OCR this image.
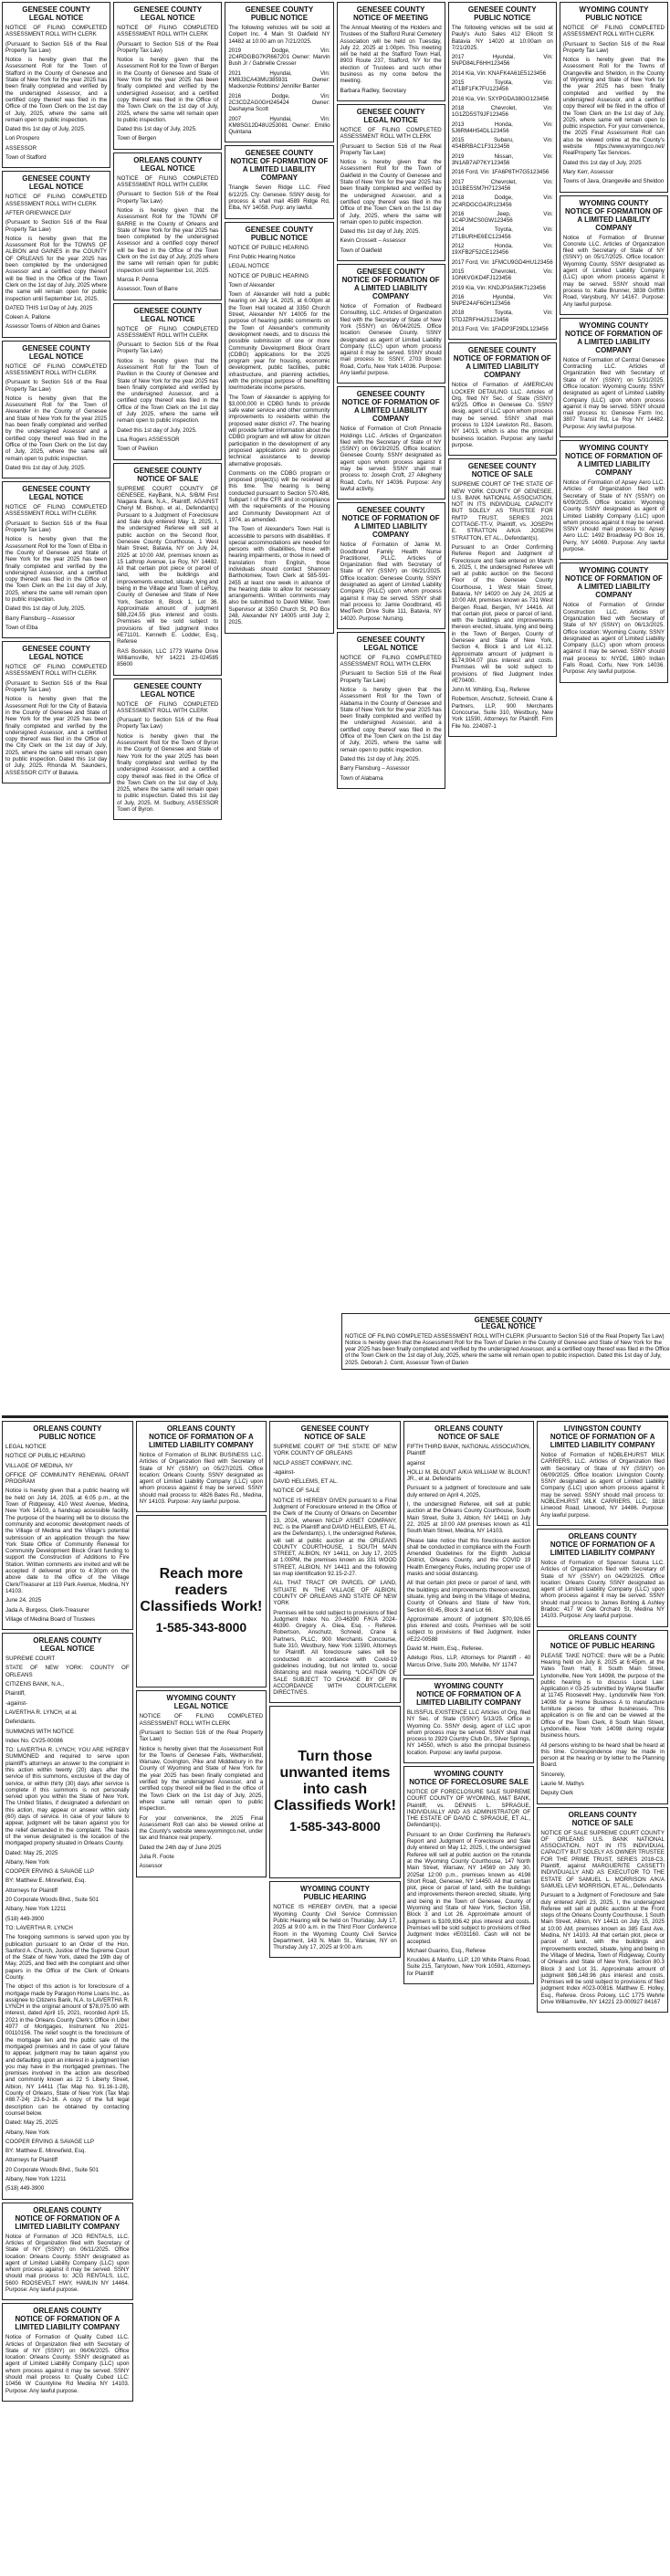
GENESEE COUNTY
LEGAL NOTICE

NOTICE OF FILING COMPLETED ASSESSMENT ROLL WITH CLERK

(Pursuant to Section 516 of the Real Property Tax Law)

Notice is hereby given that the Assessment Roll for the Town of Stafford in the County of Genesee and State of New York for the year 2025 has been finally completed and verified by the undersigned Assessor, and a certified copy thereof was filed in the Office of the Town Clerk on the 1st day of July, 2025, where the same will remain open to public inspection.

Dated this 1st day of July, 2025.

Lori Prospero

ASSESSOR

Town of Stafford

GENESEE COUNTY
LEGAL NOTICE

NOTICE OF FILING COMPLETED ASSESSMENT ROLL WITH CLERK

AFTER GRIEVANCE DAY

(Pursuant to Section 516 of the Real Property Tax Law)

Notice is hereby given that the Assessment Roll for the TOWNS OF ALBION and GAINES in the COUNTY OF ORLEANS for the year 2025 has been completed by the undersigned Assessor and a certified copy thereof will be filed in the Office of the Town Clerk on the 1st day of July, 2025 where the same will remain open for public inspection until September 1st, 2025.

DATED THIS 1st Day of July, 2025

Coleen A. Pallone

Assessor Towns of Albion and Gaines

GENESEE COUNTY
LEGAL NOTICE

NOTICE OF FILING COMPLETED ASSESSMENT ROLL WITH CLERK

(Pursuant to Section 516 of the Real Property Tax Law)

Notice is hereby given that the Assessment Roll for the Town of Alexander in the County of Genesee and State of New York for the year 2025 has been finally completed and verified by the undersigned Assessor and a certified copy thereof was filed in the Office of the Town Clerk on the 1st day of July, 2025, where the same will remain open to public inspection.

Dated this 1st day of July, 2025.

GENESEE COUNTY
LEGAL NOTICE

NOTICE OF FILING COMPLETED ASSESSMENT ROLL WITH CLERK

(Pursuant to Section 516 of the Real Property Tax Law)

Notice is hereby given that the Assessment Roll for the Town of Elba in the County of Genesee and State of New York for the year 2025 has been finally completed and verified by the undersigned Assessor, and a certified copy thereof was filed in the Office of the Town Clerk on the 1st day of July, 2025, where the same will remain open to public inspection.

Dated this 1st day of July, 2025.

Barry Flansburg – Assessor

Town of Elba

GENESEE COUNTY
LEGAL NOTICE

NOTICE OF FILING COMPLETED ASSESSMENT ROLL WITH CLERK

(Pursuant to Section 516 of the Real Property Tax Law)

Notice is hereby given that the Assessment Roll for the City of Batavia in the County of Genesee and State of New York for the year 2025 has been finally completed and verified by the undersigned Assessor, and a certified copy thereof was filed in the Office of the City Clerk on the 1st day of July, 2025, where the same will remain open to public inspection. Dated this 1st day of July, 2025. Rhonda M. Saunders, ASSESSOR CITY of Batavia.

GENESEE COUNTY
LEGAL NOTICE

NOTICE OF FILING COMPLETED ASSESSMENT ROLL WITH CLERK

(Pursuant to Section 516 of the Real Property Tax Law)

Notice is hereby given that the Assessment Roll for the Town of Bergen in the County of Genesee and State of New York for the year 2025 has been finally completed and verified by the undersigned Assessor, and a certified copy thereof was filed in the Office of the Town Clerk on the 1st day of July, 2025, where the same will remain open to public inspection.

Dated this 1st day of July, 2025.

Town of Bergen

ORLEANS COUNTY
LEGAL NOTICE

NOTICE OF FILING COMPLETED ASSESSMENT ROLL WITH CLERK

(Pursuant to Section 516 of the Real Property Tax Law)

Notice is hereby given that the Assessment Roll for the TOWN OF BARRE in the County of Orleans and State of New York for the year 2025 has been completed by the undersigned Assessor and a certified copy thereof will be filed in the Office of the Town Clerk on the 1st day of July, 2025 where the same will remain open for public inspection until September 1st, 2025.

Marcia P. Penna

Assessor, Town of Barre

GENESEE COUNTY
LEGAL NOTICE

NOTICE OF FILING COMPLETED ASSESSMENT ROLL WITH CLERK

(Pursuant to Section 516 of the Real Property Tax Law)

Notice is hereby given that the Assessment Roll for the Town of Pavilion in the County of Genesee and State of New York for the year 2025 has been finally completed and verified by the undersigned Assessor, and a certified copy thereof was filed in the Office of the Town Clerk on the 1st day of July 2025, where the same will remain open to public inspection.

Dated this 1st day of July, 2025.

Lisa Rogers ASSESSOR

Town of Pavilion

GENESEE COUNTY
NOTICE OF SALE

SUPREME COURT COUNTY OF GENESEE, KeyBank, N.A. S/B/M First Niagara Bank, N.A., Plaintiff, AGAINST Cheryl M. Bishop, et al., Defendant(s) Pursuant to a Judgment of Foreclosure and Sale duly entered May 1, 2025, I, the undersigned Referee will sell at public auction on the Second floor, Genesee County Courthouse, 1 West Main Street, Batavia, NY on July 24, 2025 at 10:00 AM, premises known as 15 Lathrop Avenue, Le Roy, NY 14482. All that certain plot piece or parcel of land, with the buildings and improvements erected, situate, lying and being in the Village and Town of LeRoy, County of Genesee and State of New York, Section 8, Block 1, Lot 36. Approximate amount of judgment $88,224.55 plus interest and costs. Premises will be sold subject to provisions of filed judgment Index #E71101. Kenneth E. Lodder, Esq., Referee

RAS Boriskin, LLC 1773 Walrhe Drive Williamsville, NY 14221 23-024585 85600

GENESEE COUNTY
LEGAL NOTICE

NOTICE OF FILING COMPLETED ASSESSMENT ROLL WITH CLERK

(Pursuant to Section 516 of the Real Property Tax Law)

Notice is hereby given that the Assessment Roll for the Town of Byron in the County of Genesee and State of New York for the year 2025 has been finally completed and verified by the undersigned Assessor, and a certified copy thereof was filed in the Office of the Town Clerk on the 1st day of July, 2025, where the same will remain open to public inspection. Dated this 1st day of July, 2025. M. Sudbury, ASSESSOR Town of Byron.

GENESEE COUNTY
PUBLIC NOTICE

The following vehicles will be sold at Colpert Inc. 4 Main St Oakfield NY 14482 at 10:00 am on 7/21/2025.

2019 Dodge, Vin: 2C4RDGBG7KR667201 Owner: Marvin Bush Jr / Gabrielle Cresser

2021 Hyundai, Vin: KM8J3CA43MU385931 Owner: Mackenzie Robbins/ Jennifer Banter

2016 Dodge, Vin: 2C3CDZAG0GH245424 Owner: Dashayna Scott

2007 Hyundai, Vin: KM8SG12D48U253081 Owner: Emilio Quintana

GENESEE COUNTY
NOTICE OF FORMATION OF A LIMITED LIABILITY COMPANY

Triangle Seven Ridge LLC. Filed 6/12/25. Cty: Genesee. SSNY desig. for process & shall mail 4589 Ridge Rd, Elba, NY 14058. Purp: any lawful.

GENESEE COUNTY
PUBLIC NOTICE

NOTICE OF PUBLIC HEARING

First Public Hearing Notice

LEGAL NOTICE

NOTICE OF PUBLIC HEARING

Town of Alexander

Town of Alexander will hold a public hearing on July 14, 2025, at 6:00pm at the Town Hall located at 3350 Church Street, Alexander NY 14005 for the purpose of hearing public comments on the Town of Alexander's community development needs, and to discuss the possible submission of one or more Community Development Block Grant (CDBG) applications for the 2025 program year for housing, economic development, public facilities, public infrastructure, and planning activities, with the principal purpose of benefitting low/moderate income persons.

The Town of Alexander is applying for $3,000,000 in CDBG funds to provide safe water service and other community improvements to residents within the proposed water district #7. The hearing will provide further information about the CDBG program and will allow for citizen participation in the development of any proposed applications and to provide technical assistance to develop alternative proposals.

Comments on the CDBG program or proposed project(s) will be received at this time. The hearing is being conducted pursuant to Section 570.486, Subpart I of the CFR and in compliance with the requirements of the Housing and Community Development Act of 1974, as amended.

The Town of Alexander's Town Hall is accessible to persons with disabilities. If special accommodations are needed for persons with disabilities, those with hearing impairments, or those in need of translation from English, those individuals should contact Shannon Bartholomew, Town Clerk at 585-591-2455 at least one week in advance of the hearing date to allow for necessary arrangements. Written comments may also be submitted to David Miller, Town Supervisor at 3350 Church St, PO Box 248, Alexander NY 14005 until July 2, 2025.

GENESEE COUNTY
NOTICE OF MEETING

The Annual Meeting of the Holders and Trustees of the Stafford Rural Cemetery Association will be held on Tuesday, July 22, 2025 at 1:00pm. This meeting will be held at the Stafford Town Hall, 8903 Route 237, Stafford, NY for the election of Trustees and such other business as my come before the meeting.

Barbara Radley, Secretary

GENESEE COUNTY
LEGAL NOTICE

NOTICE OF FILING COMPLETED ASSESSMENT ROLL WITH CLERK

(Pursuant to Section 516 of the Real Property Tax Law)

Notice is hereby given that the Assessment Roll for the Town of Oakfield in the County of Genesee and State of New York for the year 2025 has been finally completed and verified by the undersigned Assessor, and a certified copy thereof was filed in the Office of the Town Clerk on the 1st day of July, 2025, where the same will remain open to public inspection.

Dated this 1st day of July, 2025.

Kevin Crossett – Assessor

Town of Oakfield

GENESEE COUNTY
NOTICE OF FORMATION OF A LIMITED LIABILITY COMPANY

Notice of Formation of Redbeard Consulting, LLC. Articles of Organization filed with the Secretary of State of New York (SSNY) on 06/04/2025. Office location: Genesee County. SSNY designated as agent of Limited Liability Company (LLC) upon whom process against it may be served. SSNY should mail process to: SSNY, 2703 Brown Road, Corfu, New York 14036. Purpose: Any lawful purpose.

GENESEE COUNTY
NOTICE OF FORMATION OF A LIMITED LIABILITY COMPANY

Notice of Formation of Croft Pinnacle Holdings LLC. Articles of Organization filed with the Secretary of State of NY (SSNY) on 06/19/2025. Office location: Genesee County. SSNY designated as agent upon whom process against it may be served. SSNY shall mail process to: Joseph Croft, 27 Allegheny Road, Corfu, NY 14036. Purpose: Any lawful activity.

GENESEE COUNTY
NOTICE OF FORMATION OF A LIMITED LIABILITY COMPANY

Notice of Formation of Jamie M. Goodbrand Family Health Nurse Practitioner, PLLC. Articles of Organization filed with Secretary of State of NY (SSNY) on 06/21/2025. Office location: Genesee County. SSNY designated as agent of Limited Liability Company (PLLC) upon whom process against it may be served. SSNY shall mail process to: Jamie Goodbrand, 45 MedTech Drive Suite 111, Batavia, NY 14020. Purpose: Nursing.

GENESEE COUNTY
LEGAL NOTICE

NOTICE OF FILING COMPLETED ASSESSMENT ROLL WITH CLERK

(Pursuant to Section 516 of the Real Property Tax Law)

Notice is hereby given that the Assessment Roll for the Town of Alabama in the County of Genesee and State of New York for the year 2025 has been finally completed and verified by the undersigned Assessor, and a certified copy thereof was filed in the Office of the Town Clerk on the 1st day of July, 2025, where the same will remain open to public inspection.

Dated this 1st day of July, 2025.

Barry Flansburg – Assessor

Town of Alabama

GENESEE COUNTY
PUBLIC NOTICE

The following vehicles will be sold at Pauly's Auto Sales 412 Ellicott St Batavia NY 14020 at 10:00am on 7/21/2025.

2017 Hyundai, Vin: 5NPD84LF6HH123456

2014 Kia, Vin: KNAFK4A61E5123456

2015 Toyota, Vin: 4T1BF1FK7FU123456

2016 Kia, Vin: 5XYPGDA38GG123456

2018 Chevrolet, Vin: 1G1ZD5ST9JF123456

2013 Honda, Vin: 5J6RM4H54DL123456

2015 Subaru, Vin: 4S4BRBAC1F3123456

2019 Nissan, Vin: 3N1AB7AP7KY123456

2016 Ford, Vin: 1FA6P8TH7G5123456

2017 Chevrolet, Vin: 1G1BE5SM7H7123456

2018 Dodge, Vin: 2C4RDGCG4JR123456

2016 Jeep, Vin: 1C4PJMCS0GW123456

2014 Toyota, Vin: 2T1BURHE6EC123456

2012 Honda, Vin: 19XFB2F52CE123456

2017 Ford, Vin: 1FMCU9GD4HU123456

2015 Chevrolet, Vin: 1GNKVGKD4FJ123456

2019 Kia, Vin: KNDJP3A56K7123456

2016 Hyundai, Vin: 5NPE24AF6GH123456

2018 Toyota, Vin: 5TDJZRFH4JS123456

2013 Ford, Vin: 1FADP3F29DL123456

GENESEE COUNTY
NOTICE OF FORMATION OF A LIMITED LIABILITY COMPANY

Notice of Formation of AMERICAN LOCKER DETAILING LLC. Articles of Org. filed NY Sec. of State (SSNY) 6/3/25. Office in Genesee Co. SSNY desig. agent of LLC upon whom process may be served. SSNY shall mail process to 1324 Lewiston Rd., Basom, NY 14013, which is also the principal business location. Purpose: any lawful purpose.

GENESEE COUNTY
NOTICE OF SALE

SUPREME COURT OF THE STATE OF NEW YORK COUNTY OF GENESEE, U.S. BANK NATIONAL ASSOCIATION, NOT IN ITS INDIVIDUAL CAPACITY BUT SOLELY AS TRUSTEE FOR RMTP TRUST, SERIES 2021 COTTAGE-TT-V, Plaintiff, vs. JOSEPH E. STRATTON A/K/A JOSEPH STRATTON, ET AL., Defendant(s).

Pursuant to an Order Confirming Referee Report and Judgment of Foreclosure and Sale entered on March 6, 2025, I, the undersigned Referee will sell at public auction on the Second Floor of the Genesee County Courthouse, 1 West Main Street, Batavia, NY 14020 on July 24, 2025 at 10:00 AM, premises known as 731 West Bergen Road, Bergen, NY 14416. All that certain plot, piece or parcel of land, with the buildings and improvements thereon erected, situate, lying and being in the Town of Bergen, County of Genesee and State of New York, Section 4, Block 1 and Lot 41.12. Approximate amount of judgment is $174,904.07 plus interest and costs. Premises will be sold subject to provisions of filed Judgment Index #E70400.

John M. Whiting, Esq., Referee

Robertson, Anschutz, Schneid, Crane & Partners, LLP, 900 Merchants Concourse, Suite 310, Westbury, New York 11590, Attorneys for Plaintiff. Firm File No. 224087-1

WYOMING COUNTY
PUBLIC NOTICE

NOTICE OF FILING COMPLETED ASSESSMENT ROLL WITH CLERK

(Pursuant to Section 516 of the Real Property Tax Law)

Notice is hereby given that the Assessment Roll for the Towns of Orangeville and Sheldon, in the County of Wyoming and State of New York for the year 2025 has been finally completed and verified by the undersigned Assessor, and a certified copy thereof will be filed in the office of the Town Clerk on the 1st day of July, 2025, where same will remain open to public inspection. For your convenience, the 2025 Final Assessment Roll can also be viewed online at the County's website https://www.wyomingco.net/ RealProperty Tax Services.

Dated this 1st day of July, 2025

Mary Kerr, Assessor

Towns of Java, Orangeville and Sheldon

WYOMING COUNTY
NOTICE OF FORMATION OF A LIMITED LIABILITY COMPANY

Notice of Formation of Brunner Concrete LLC. Articles of Organization filed with Secretary of State of NY (SSNY) on 05/17/2025. Office location: Wyoming County. SSNY designated as agent of Limited Liability Company (LLC) upon whom process against it may be served. SSNY should mail process to: Katie Brunner, 3838 Griffith Road, Varysburg, NY 14167. Purpose: Any lawful purpose.

WYOMING COUNTY
NOTICE OF FORMATION OF A LIMITED LIABILITY COMPANY

Notice of Formation of Central Genesee Contracting LLC. Articles of Organization filed with Secretary of State of NY (SSNY) on 5/31/2025. Office location: Wyoming County. SSNY designated as agent of Limited Liability Company (LLC) upon whom process against it may be served. SSNY should mail process to: Genesee Farm Inc. 3807 Transit Rd, Le Roy NY 14482. Purpose: Any lawful purpose.

WYOMING COUNTY
NOTICE OF FORMATION OF A LIMITED LIABILITY COMPANY

Notice of Formation of Apsey Aero LLC. Articles of Organization filed with Secretary of State of NY (SSNY) on 6/09/2025. Office location: Wyoming County. SSNY designated as agent of Limited Liability Company (LLC) upon whom process against it may be served. SSNY should mail process to: Apsey Aero LLC: 1492 Broadway PO Box 16, Perry, NY 14069. Purpose: Any lawful purpose.

WYOMING COUNTY
NOTICE OF FORMATION OF A LIMITED LIABILITY COMPANY

Notice of Formation of Grinder Construction LLC. Articles of Organization filed with Secretary of State of NY (SSNY) on 06/13/2025. Office location: Wyoming County. SSNY designated as agent of Limited Liability Company (LLC) upon whom process against it may be served. SSNY should mail process to: NYDE, 1860 Indian Falls Road, Corfu, New York 14036. Purpose: Any lawful purpose.

GENESEE COUNTY
LEGAL NOTICE

NOTICE OF FILING COMPLETED ASSESSMENT ROLL WITH CLERK (Pursuant to Section 516 of the Real Property Tax Law) Notice is hereby given that the Assessment Roll for the Town of Darien in the County of Genesee and State of New York for the year 2025 has been finally completed and verified by the undersigned Assessor, and a certified copy thereof was filed in the Office of the Town Clerk on the 1st day of July, 2025, where the same will remain open to public inspection. Dated this 1st day of July, 2025. Deborah J. Conti, Assessor Town of Darien

ORLEANS COUNTY
PUBLIC NOTICE

LEGAL NOTICE

NOTICE OF PUBLIC HEARING

VILLAGE OF MEDINA, NY

OFFICE OF COMMUNITY RENEWAL GRANT PROGRAM

Notice is hereby given that a public hearing will be held on July 14, 2025, at 6:05 p.m., at the Town of Ridgeway, 410 West Avenue, Medina, New York 14103, a handicap accessible facility. The purpose of the hearing will be to discuss the community and economic development needs of the Village of Medina and the Village's potential submission of an application through the New York State Office of Community Renewal for Community Development Block Grant funding to support the Construction of Additions to Fire Station. Written comments are invited and will be accepted if delivered prior to 4:30pm on the above date to the office of the Village Clerk/Treasurer at 119 Park Avenue, Medina, NY 14103.

June 24, 2025

Jada A. Burgess, Clerk-Treasurer

Village of Medina Board of Trustees

ORLEANS COUNTY
LEGAL NOTICE

SUPREME COURT

STATE OF NEW YORK: COUNTY OF ORLEANS

CITIZENS BANK, N.A.,

Plaintiff,

-against-

LAVERTHA R. LYNCH, et al.

Defendants.

SUMMONS WITH NOTICE

Index No. CV25-00086

TO: LAVERTHA R. LYNCH; YOU ARE HEREBY SUMMONED and required to serve upon plaintiff's attorneys an answer to the complaint in this action within twenty (20) days after the service of this summons, exclusive of the day of service, or within thirty (30) days after service is complete if this summons is not personally served upon you within the State of New York. The United States, if designated a defendant on this action, may appear or answer within sixty (60) days of service. In case of your failure to appear, judgment will be taken against you for the relief demanded in the complaint. The basis of the venue designated is the location of the mortgaged property situated in Orleans County.

Dated: May 25, 2025

Albany, New York

COOPER ERVING & SAVAGE LLP

BY: Matthew E. Minnefield, Esq.

Attorneys for Plaintiff

20 Corporate Woods Blvd., Suite 501

Albany, New York 12211

(518) 449-3900

TO: LAVERTHA R. LYNCH

The foregoing summons is served upon you by publication pursuant to an Order of the Hon. Sanford A. Church, Justice of the Supreme Court of the State of New York, dated the 19th day of May, 2025, and filed with the complaint and other papers in the Office of the Clerk of Orleans County.

The object of this action is for foreclosure of a mortgage made by Paragon Home Loans Inc., as assignee to Citizens Bank, N.A. to LAVERTHA R. LYNCH in the original amount of $78,075.00 with interest, dated April 15, 2021, recorded April 15, 2021 in the Orleans County Clerk's Office in Liber 4977 of Mortgages, Instrument No 2021-00110156. The relief sought is the foreclosure of the mortgage lien and the public sale of the mortgaged premises and in case of your failure to appear, judgment may be taken against you and defaulting upon an interest in a judgment lien you may have in the mortgaged premises. The premises involved in the action are described and commonly known as 22 S Liberty Street, Albion, NY 14411 (Tax Map No. 91.16-1-28), County of Orleans, State of New York (Tax Map #88.7-24) 23.6-2-16. A copy of the full legal description can be obtained by contacting counsel below.

Dated: May 25, 2025

Albany, New York

COOPER ERVING & SAVAGE LLP

BY: Matthew E. Minnefield, Esq.

Attorneys for Plaintiff

20 Corporate Woods Blvd., Suite 501

Albany, New York 12211

(518) 449-3900

ORLEANS COUNTY
NOTICE OF FORMATION OF A LIMITED LIABILITY COMPANY

Notice of Formation of JCG RENTALS, LLC. Articles of Organization filed with Secretary of State of NY (SSNY) on 06/11/2025. Office location: Orleans County. SSNY designated as agent of Limited Liability Company (LLC) upon whom process against it may be served. SSNY should mail process to: JCG RENTALS, LLC, 5600 ROOSEVELT HWY, HAMLIN NY 14464. Purpose: Any lawful purpose.

ORLEANS COUNTY
NOTICE OF FORMATION OF A LIMITED LIABILITY COMPANY

Notice of Formation of Quality Cubed LLC. Articles of Organization filed with Secretary of State of NY (SSNY) on 06/06/2025. Office location: Orleans County. SSNY designated as agent of Limited Liability Company (LLC) upon whom process against it may be served. SSNY should mail process to: Quality Cubed LLC: 10456 W Countyline Rd Medina NY 14103. Purpose: Any lawful purpose.

ORLEANS COUNTY
NOTICE OF FORMATION OF A LIMITED LIABILITY COMPANY

Notice of Formation of BLINK BUSINESS LLC. Articles of Organization filed with Secretary of State of NY (SSNY) on 05/27/2025. Office location: Orleans County. SSNY designated as agent of Limited Liability Company (LLC) upon whom process against it may be served. SSNY should mail process to: 4826 Bates Rd., Medina, NY 14103. Purpose: Any lawful purpose.

Reach more readers
Classifieds Work!
1-585-343-8000
WYOMING COUNTY
LEGAL NOTICE

NOTICE OF FILING COMPLETED ASSESSMENT ROLL WITH CLERK

(Pursuant to Section 516 of the Real Property Tax Law)

Notice is hereby given that the Assessment Roll for the Towns of Genesee Falls, Wethersfield, Warsaw, Covington, Pike and Middlebury in the County of Wyoming and State of New York for the year 2025 has been finally completed and verified by the undersigned Assessor, and a certified copy thereof will be filed in the office of the Town Clerk on the 1st day of July, 2025, where same will remain open to public inspection.

For your convenience, the 2025 Final Assessment Roll can also be viewed online at the County's website www.wyomingco.net, under tax and finance real property.

Dated the 24th day of June 2025

Julia R. Foote

Assessor

GENESEE COUNTY
NOTICE OF SALE

SUPREME COURT OF THE STATE OF NEW YORK COUNTY OF ORLEANS

NICLP ASSET COMPANY, INC.

-against-

DAVID HELLEMS, ET AL.

NOTICE OF SALE

NOTICE IS HEREBY GIVEN pursuant to a Final Judgment of Foreclosure entered in the Office of the Clerk of the County of Orleans on December 13, 2024, wherein NICLP ASSET COMPANY, INC. is the Plaintiff and DAVID HELLEMS, ET AL. are the Defendant(s). I, the undersigned Referee, will sell at public auction at the ORLEANS COUNTY COURTHOUSE, 1 SOUTH MAIN STREET, ALBION, NY 14411, on July 17, 2025 at 1:00PM, the premises known as 331 WOOD STREET, ALBION, NY 14411 and the following tax map identification 92.15-2-27.

ALL THAT TRACT OR PARCEL OF LAND, SITUATE IN THE VILLAGE OF ALBION, COUNTY OF ORLEANS AND STATE OF NEW YORK

Premises will be sold subject to provisions of filed Judgment Index No. 20-46390 F/K/A 2024-46390. Gregory A. Glea, Esq. - Referee. Robertson, Anschutz, Schneid, Crane & Partners, PLLC, 900 Merchants Concourse, Suite 310, Westbury, New York 11590, Attorneys for Plaintiff. All foreclosure sales will be conducted in accordance with Covid-19 guidelines including, but not limited to, social distancing and mask wearing. *LOCATION OF SALE SUBJECT TO CHANGE BY OF IN ACCORDANCE WITH COURT/CLERK DIRECTIVES.

Turn those unwanted items into cash
Classifieds Work!
1-585-343-8000
WYOMING COUNTY
PUBLIC HEARING

NOTICE IS HEREBY GIVEN, that a special Wyoming County Civil Service Commission Public Hearing will be held on Thursday, July 17, 2025 at 9:00 a.m. in the Third Floor Conference Room in the Wyoming County Civil Service Department, 143 N. Main St., Warsaw, NY on Thursday July 17, 2025 at 9:00 a.m.

ORLEANS COUNTY
NOTICE OF SALE

FIFTH THIRD BANK, NATIONAL ASSOCIATION, Plaintiff

against

HOLLI M. BLOUNT A/K/A WILLIAM W. BLOUNT JR., et al. Defendants

Pursuant to a judgment of foreclosure and sale duly entered on April 4, 2025,

I, the undersigned Referee, will sell at public auction at the Orleans County Courthouse, South Main Street, Suite 3, Albion, NY 14411 on July 22, 2025 at 10:00 AM premises known as 411 South Main Street, Medina, NY 14103.

Please take notice that this foreclosure auction shall be conducted in compliance with the Fourth Amended Guidelines for the Eighth Judicial District, Orleans County, and the COVID 19 Health Emergency Rules, including proper use of masks and social distancing.

All that certain plot piece or parcel of land, with the buildings and improvements thereon erected, situate, lying and being in the Village of Medina, County of Orleans and State of New York, Section 60.45, Block 3 and Lot 66.

Approximate amount of judgment $70,926.65 plus interest and costs. Premises will be sold subject to provisions of filed Judgment. Index #E22-00588

David M. Heim, Esq., Referee.

Adelugo Rios, LLP, Attorneys for Plaintiff - 40 Marcus Drive, Suite 200, Melville, NY 11747

WYOMING COUNTY
NOTICE OF FORMATION OF A LIMITED LIABILITY COMPANY

BLISSFUL EXISTENCE LLC Articles of Org. filed NY Sec. of State (SSNY) 5/13/25. Office in Wyoming Co. SSNY desig. agent of LLC upon whom process may be served. SSNY shall mail process to 2929 Country Club Dr., Silver Springs, NY 14550, which is also the principal business location. Purpose: any lawful purpose.

WYOMING COUNTY
NOTICE OF FORECLOSURE SALE

NOTICE OF FORECLOSURE SALE SUPREME COURT COUNTY OF WYOMING, M&T BANK, Plaintiff, vs. DENNIS L. SPRAGUE, INDIVIDUALLY AND AS ADMINISTRATOR OF THE ESTATE OF DAVID C. SPRAGUE, ET AL., Defendant(s).

Pursuant to an Order Confirming the Referee's Report and Judgment of Foreclosure and Sale duly entered on May 12, 2025, I, the undersigned Referee will sell at public auction on the rotunda at the Wyoming County Courthouse, 147 North Main Street, Warsaw, NY 14569 on July 30, 2025at 12:00 p.m., premises known as 4198 Short Road, Genesee, NY 14450. All that certain plot, piece or parcel of land, with the buildings and improvements thereon erected, situate, lying and being in the Town of Genesee, County of Wyoming and State of New York, Section 158, Block 3 and Lot 26. Approximate amount of judgment is $109,836.42 plus interest and costs. Premises will be sold subject to provisions of filed Judgment Index #E031160. Cash will not be accepted.

Michael Guarino, Esq., Referee

Knuckles & Manfro, LLP, 120 White Plains Road, Suite 215, Tarrytown, New York 10591, Attorneys for Plaintiff

LIVINGSTON COUNTY
NOTICE OF FORMATION OF A LIMITED LIABILITY COMPANY

Notice of Formation of NOBLEHURST MILK CARRIERS, LLC. Articles of Organization filed with Secretary of State of NY (SSNY) on 06/09/2025. Office location: Livingston County. SSNY designated as agent of Limited Liability Company (LLC) upon whom process against it may be served. SSNY should mail process to: NOBLEHURST MILK CARRIERS, LLC, 3818 Linwood Road, Linwood, NY 14486. Purpose: Any lawful purpose.

ORLEANS COUNTY
NOTICE OF FORMATION OF A LIMITED LIABILITY COMPANY

Notice of Formation of Spencer Soluna LLC. Articles of Organization filed with Secretary of State of NY (SSNY) on 04/29/2025. Office location: Orleans County. SSNY designated as agent of Limited Liability Company (LLC) upon whom process against it may be served. SSNY should mail process to James Bohling & Ashley Bradoc: 417 W Oak Orchard St, Medina NY 14103. Purpose: Any lawful purpose.

ORLEANS COUNTY
NOTICE OF PUBLIC HEARING

PLEASE TAKE NOTICE: there will be a Public Hearing held on July 8, 2025 at 6:45pm, at the Yates Town Hall, 8 South Main Street, Lyndonville, New York 14098, the purpose of the public hearing is to discuss Local Law: Application # 03-25 submitted by Wayne Stauffer at 11745 Roosevelt Hwy., Lyndonville New York 14098 for a Home Business A to manufacture furniture pieces for other businesses. This application is on file and can be viewed at the Office of the Town Clerk, 8 South Main Street, Lyndonville, New York 14098 during regular business hours.

All persons wishing to be heard shall be heard at this time. Correspondence may be made in person at the hearing or by letter to the Planning Board.

Sincerely,

Laurie M. Mathys

Deputy Clerk

ORLEANS COUNTY
NOTICE OF SALE

NOTICE OF SALE SUPREME COURT COUNTY OF ORLEANS U.S. BANK NATIONAL ASSOCIATION, NOT IN ITS INDIVIDUAL CAPACITY BUT SOLELY AS OWNER TRUSTEE FOR THE PRIME TRUST, SERIES 2018-C3, Plaintiff, against MARGUERITE CASSETTI INDIVIDUALLY AND AS EXECUTOR TO THE ESTATE OF SAMUEL L. MORRISON A/K/A SAMUEL LEVI MORRISON, ET AL., Defendants

Pursuant to a Judgment of Foreclosure and Sale duly entered April 23, 2025, I, the undersigned Referee will sell at public auction at the Front steps of the Orleans County Courthouse, 1 South Main Street, Albion, NY 14411 on July 15, 2025 at 10:00 AM, premises known as 385 East Ave, Medina, NY 14103. All that certain plot, piece or parcel of land, with the buildings and improvements erected, situate, lying and being in the Village of Medina, Town of Ridgeway, County of Orleans and State of New York, Section 80.3 Block 3 and Lot 31. Approximate amount of judgment $86,148.96 plus interest and costs. Premises will be sold subject to provisions of filed judgment Index #023-00816. Matthew E. Holley, Esq., Referee. Gross Polowy, LLC 1775 Wehrle Drive Williamsville, NY 14221 23-000927 84167
